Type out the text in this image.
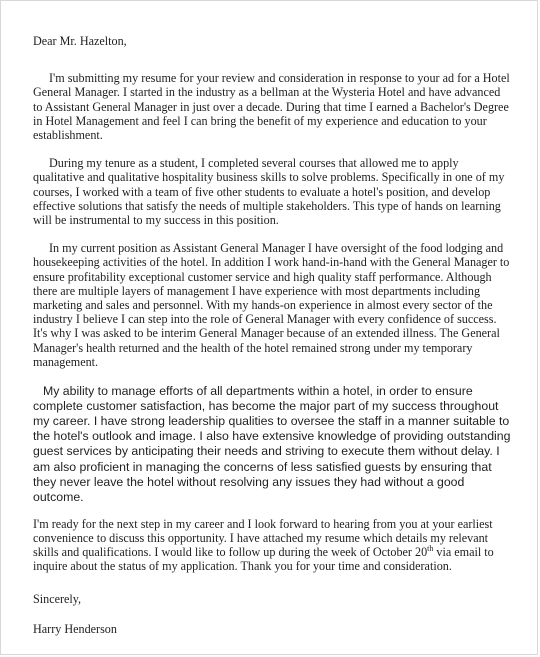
Dear Mr. Hazelton,

I'm submitting my resume for your review and consideration in response to your ad for a Hotel General Manager. I started in the industry as a bellman at the Wysteria Hotel and have advanced to Assistant General Manager in just over a decade. During that time I earned a Bachelor's Degree in Hotel Management and feel I can bring the benefit of my experience and education to your establishment.

During my tenure as a student, I completed several courses that allowed me to apply qualitative and qualitative hospitality business skills to solve problems. Specifically in one of my courses, I worked with a team of five other students to evaluate a hotel's position, and develop effective solutions that satisfy the needs of multiple stakeholders. This type of hands on learning will be instrumental to my success in this position.

In my current position as Assistant General Manager I have oversight of the food lodging and housekeeping activities of the hotel. In addition I work hand-in-hand with the General Manager to ensure profitability exceptional customer service and high quality staff performance. Although there are multiple layers of management I have experience with most departments including marketing and sales and personnel. With my hands-on experience in almost every sector of the industry I believe I can step into the role of General Manager with every confidence of success. It's why I was asked to be interim General Manager because of an extended illness. The General Manager's health returned and the health of the hotel remained strong under my temporary management.

My ability to manage efforts of all departments within a hotel, in order to ensure complete customer satisfaction, has become the major part of my success throughout my career. I have strong leadership qualities to oversee the staff in a manner suitable to the hotel's outlook and image. I also have extensive knowledge of providing outstanding guest services by anticipating their needs and striving to execute them without delay. I am also proficient in managing the concerns of less satisfied guests by ensuring that they never leave the hotel without resolving any issues they had without a good outcome.

I'm ready for the next step in my career and I look forward to hearing from you at your earliest convenience to discuss this opportunity. I have attached my resume which details my relevant skills and qualifications. I would like to follow up during the week of October 20th via email to inquire about the status of my application. Thank you for your time and consideration.

Sincerely,

Harry Henderson
